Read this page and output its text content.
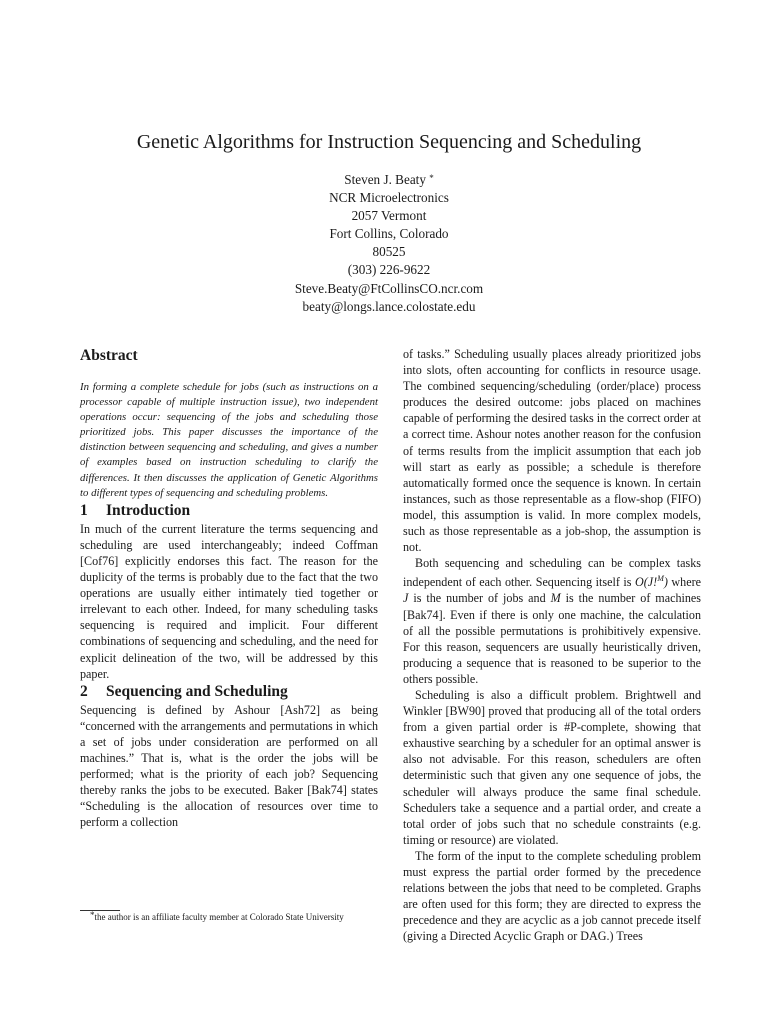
Genetic Algorithms for Instruction Sequencing and Scheduling
Steven J. Beaty *
NCR Microelectronics
2057 Vermont
Fort Collins, Colorado
80525
(303) 226-9622
Steve.Beaty@FtCollinsCO.ncr.com
beaty@longs.lance.colostate.edu
Abstract

In forming a complete schedule for jobs (such as instructions on a processor capable of multiple instruction issue), two independent operations occur: sequencing of the jobs and scheduling those prioritized jobs. This paper discusses the importance of the distinction between sequencing and scheduling, and gives a number of examples based on instruction scheduling to clarify the differences. It then discusses the application of Genetic Algorithms to different types of sequencing and scheduling problems.

1 Introduction

In much of the current literature the terms sequencing and scheduling are used interchangeably; indeed Coffman [Cof76] explicitly endorses this fact. The reason for the duplicity of the terms is probably due to the fact that the two operations are usually either intimately tied together or irrelevant to each other. Indeed, for many scheduling tasks sequencing is required and implicit. Four different combinations of sequencing and scheduling, and the need for explicit delineation of the two, will be addressed by this paper.

2 Sequencing and Scheduling

Sequencing is defined by Ashour [Ash72] as being “concerned with the arrangements and permutations in which a set of jobs under consideration are performed on all machines.” That is, what is the order the jobs will be performed; what is the priority of each job? Sequencing thereby ranks the jobs to be executed. Baker [Bak74] states “Scheduling is the allocation of resources over time to perform a collection

of tasks.” Scheduling usually places already prioritized jobs into slots, often accounting for conflicts in resource usage. The combined sequencing/scheduling (order/place) process produces the desired outcome: jobs placed on machines capable of performing the desired tasks in the correct order at a correct time. Ashour notes another reason for the confusion of terms results from the implicit assumption that each job will start as early as possible; a schedule is therefore automatically formed once the sequence is known. In certain instances, such as those representable as a flow-shop (FIFO) model, this assumption is valid. In more complex models, such as those representable as a job-shop, the assumption is not.

Both sequencing and scheduling can be complex tasks independent of each other. Sequencing itself is O(J!$^M$) where J is the number of jobs and M is the number of machines [Bak74]. Even if there is only one machine, the calculation of all the possible permutations is prohibitively expensive. For this reason, sequencers are usually heuristically driven, producing a sequence that is reasoned to be superior to the others possible.

Scheduling is also a difficult problem. Brightwell and Winkler [BW90] proved that producing all of the total orders from a given partial order is #P-complete, showing that exhaustive searching by a scheduler for an optimal answer is also not advisable. For this reason, schedulers are often deterministic such that given any one sequence of jobs, the scheduler will always produce the same final schedule. Schedulers take a sequence and a partial order, and create a total order of jobs such that no schedule constraints (e.g. timing or resource) are violated.

The form of the input to the complete scheduling problem must express the partial order formed by the precedence relations between the jobs that need to be completed. Graphs are often used for this form; they are directed to express the precedence and they are acyclic as a job cannot precede itself (giving a Directed Acyclic Graph or DAG.) Trees

*the author is an affiliate faculty member at Colorado State University
